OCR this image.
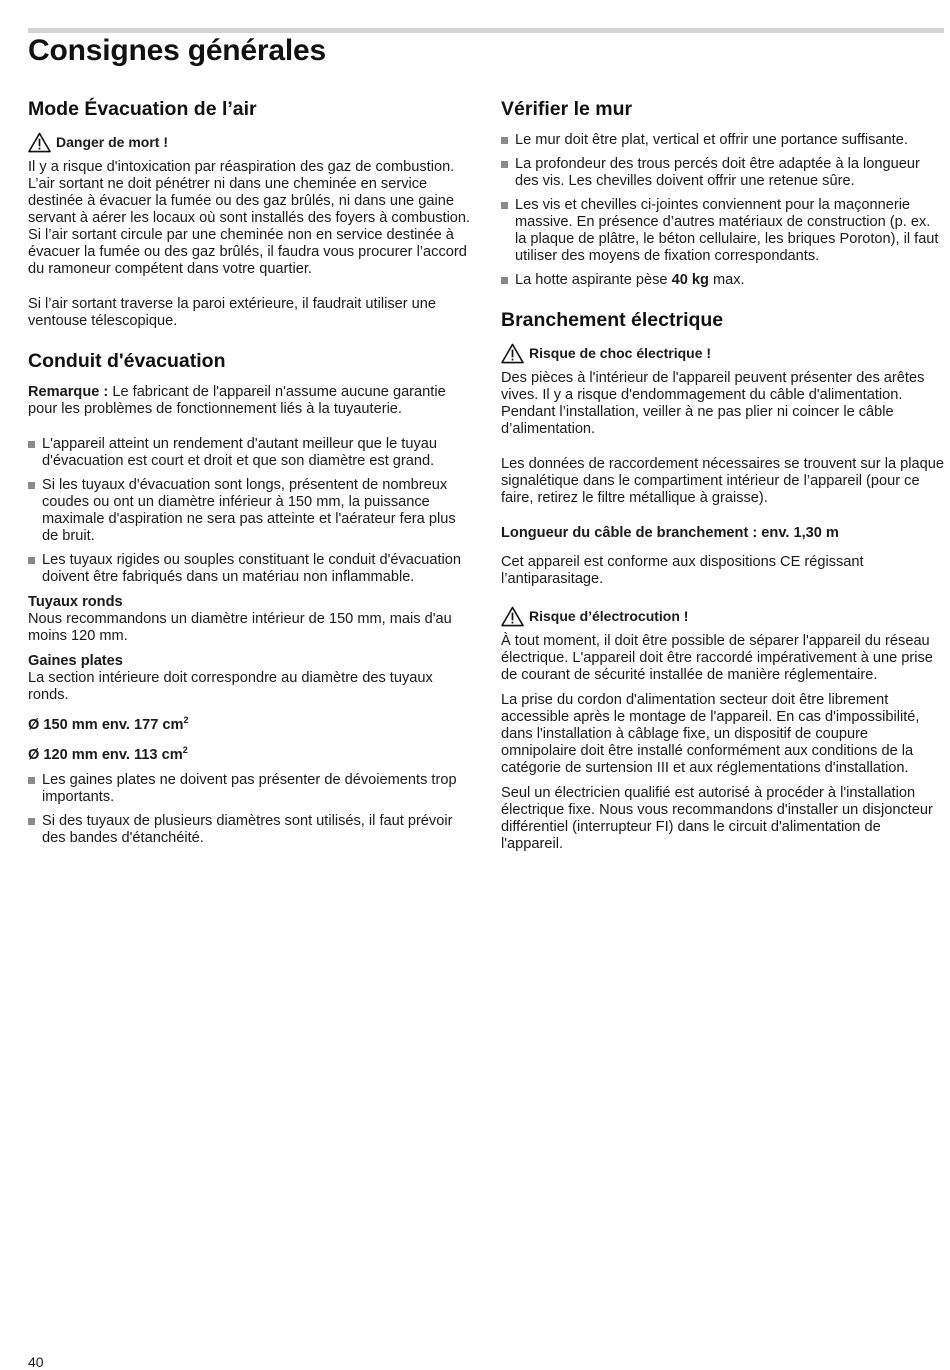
Consignes générales
Mode Évacuation de l’air
Danger de mort !

Il y a risque d'intoxication par réaspiration des gaz de combustion. L’air sortant ne doit pénétrer ni dans une cheminée en service destinée à évacuer la fumée ou des gaz brûlés, ni dans une gaine servant à aérer les locaux où sont installés des foyers à combustion. Si l’air sortant circule par une cheminée non en service destinée à évacuer la fumée ou des gaz brûlés, il faudra vous procurer l’accord du ramoneur compétent dans votre quartier.

Si l’air sortant traverse la paroi extérieure, il faudrait utiliser une ventouse télescopique.

Conduit d'évacuation

Remarque : Le fabricant de l'appareil n'assume aucune garantie pour les problèmes de fonctionnement liés à la tuyauterie.

L'appareil atteint un rendement d'autant meilleur que le tuyau d'évacuation est court et droit et que son diamètre est grand.
Si les tuyaux d'évacuation sont longs, présentent de nombreux coudes ou ont un diamètre inférieur à 150 mm, la puissance maximale d'aspiration ne sera pas atteinte et l'aérateur fera plus de bruit.
Les tuyaux rigides ou souples constituant le conduit d'évacuation doivent être fabriqués dans un matériau non inflammable.

Tuyaux ronds

Nous recommandons un diamètre intérieur de 150 mm, mais d'au moins 120 mm.

Gaines plates

La section intérieure doit correspondre au diamètre des tuyaux ronds.

Ø 150 mm env. 177 $cm^2$

Ø 120 mm env. 113 $cm^2$

Les gaines plates ne doivent pas présenter de dévoiements trop importants.
Si des tuyaux de plusieurs diamètres sont utilisés, il faut prévoir des bandes d'étanchéité.
Vérifier le mur
Le mur doit être plat, vertical et offrir une portance suffisante.
La profondeur des trous percés doit être adaptée à la longueur des vis. Les chevilles doivent offrir une retenue sûre.
Les vis et chevilles ci-jointes conviennent pour la maçonnerie massive. En présence d’autres matériaux de construction (p. ex. la plaque de plâtre, le béton cellulaire, les briques Poroton), il faut utiliser des moyens de fixation correspondants.
La hotte aspirante pèse 40 kg max.
Branchement électrique
Risque de choc électrique !

Des pièces à l'intérieur de l'appareil peuvent présenter des arêtes vives. Il y a risque d'endommagement du câble d'alimentation. Pendant l’installation, veiller à ne pas plier ni coincer le câble d’alimentation.

Les données de raccordement nécessaires se trouvent sur la plaque signalétique dans le compartiment intérieur de l’appareil (pour ce faire, retirez le filtre métallique à graisse).

Longueur du câble de branchement : env. 1,30 m

Cet appareil est conforme aux dispositions CE régissant l’antiparasitage.

Risque d’électrocution !

À tout moment, il doit être possible de séparer l'appareil du réseau électrique. L'appareil doit être raccordé impérativement à une prise de courant de sécurité installée de manière réglementaire.

La prise du cordon d'alimentation secteur doit être librement accessible après le montage de l'appareil. En cas d'impossibilité, dans l'installation à câblage fixe, un dispositif de coupure omnipolaire doit être installé conformément aux conditions de la catégorie de surtension III et aux réglementations d'installation.

Seul un électricien qualifié est autorisé à procéder à l'installation électrique fixe. Nous vous recommandons d'installer un disjoncteur différentiel (interrupteur FI) dans le circuit d'alimentation de l'appareil.

40
